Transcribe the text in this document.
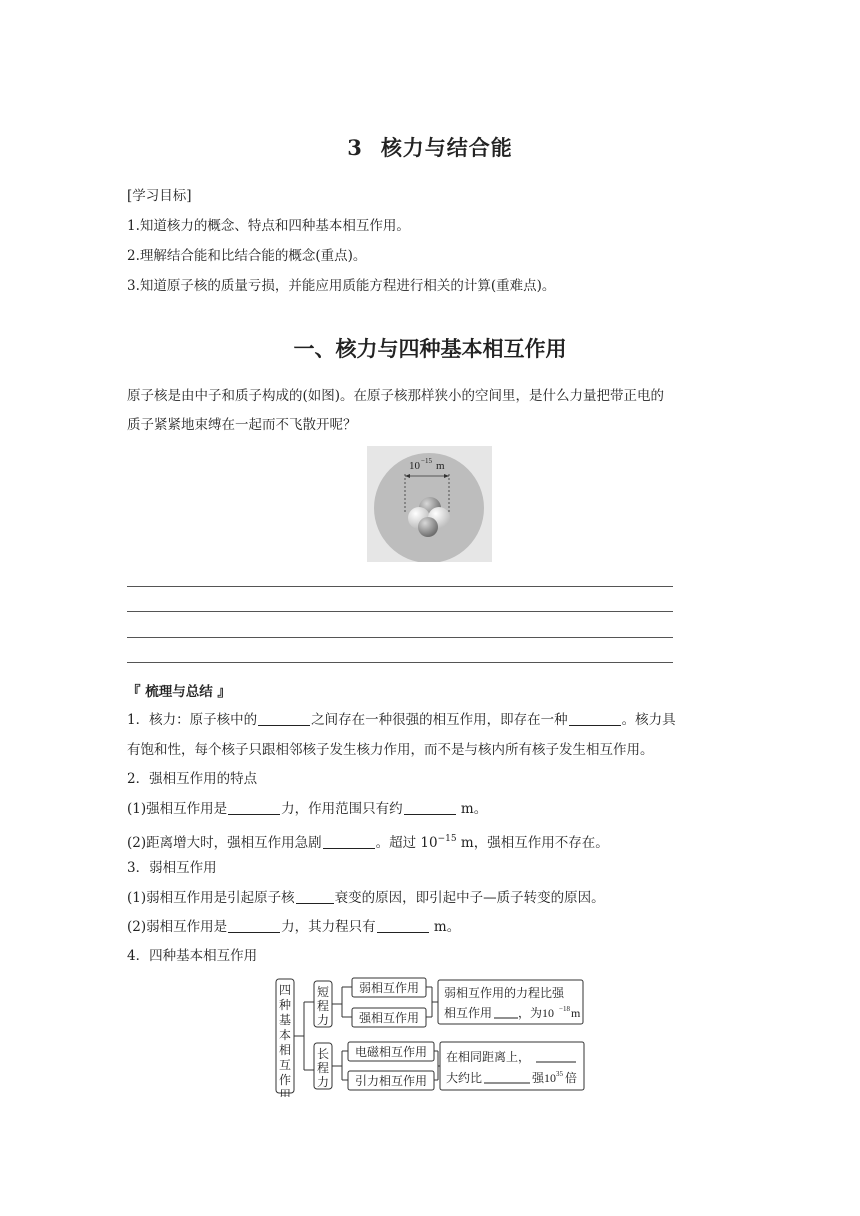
3 核力与结合能
[学习目标]
1.知道核力的概念、特点和四种基本相互作用。
2.理解结合能和比结合能的概念(重点)。
3.知道原子核的质量亏损，并能应用质能方程进行相关的计算(重难点)。
一、核力与四种基本相互作用
原子核是由中子和质子构成的(如图)。在原子核那样狭小的空间里，是什么力量把带正电的
质子紧紧地束缚在一起而不飞散开呢？
10 −15 m
『 梳理与总结 』
1．核力：原子核中的	之间存在一种很强的相互作用，即存在一种	。核力具
有饱和性，每个核子只跟相邻核子发生核力作用，而不是与核内所有核子发生相互作用。
2．强相互作用的特点
(1)强相互作用是	力，作用范围只有约	m。
(2)距离增大时，强相互作用急剧	。超过 $10^{-15}$ m，强相互作用不存在。
3．弱相互作用
(1)弱相互作用是引起原子核	衰变的原因，即引起中子—质子转变的原因。
(2)弱相互作用是	力，其力程只有	m。
4．四种基本相互作用
四种基本相互作用
短程力
长程力
弱相互作用
强相互作用
电磁相互作用
引力相互作用
弱相互作用的力程比强
相互作用 ，为10 −18 m
在相同距离上，
大约比	强10 35 倍
